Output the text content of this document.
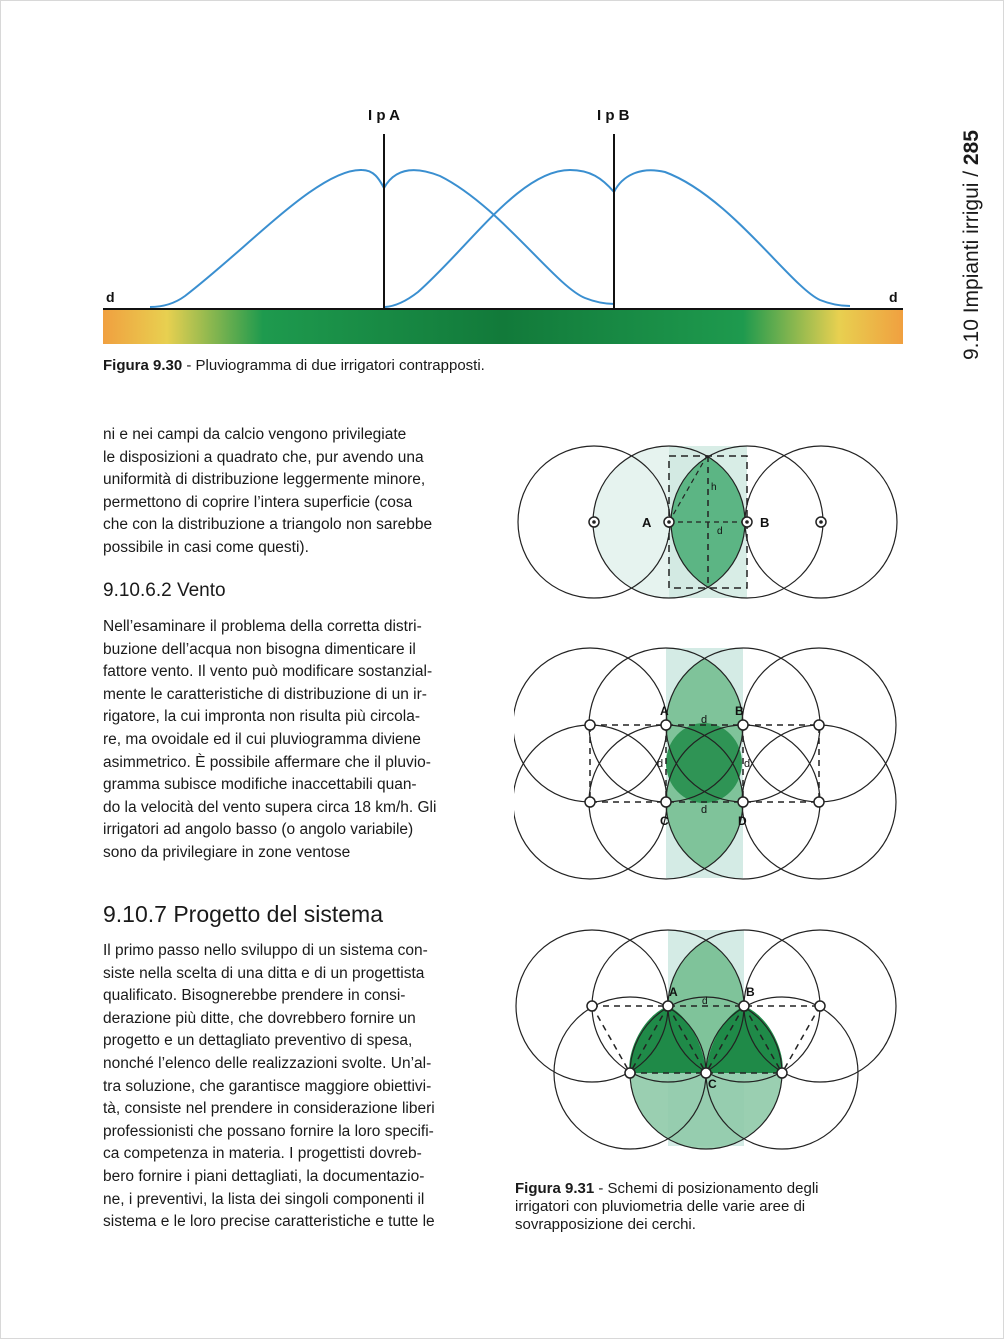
9.10 Impianti irrigui / 285
I p A	I p B
d	d
Figura 9.30 - Pluviogramma di due irrigatori contrapposti.
ni e nei campi da calcio vengono privilegiate
le disposizioni a quadrato che, pur avendo una
uniformità di distribuzione leggermente minore,
permettono di coprire l’intera superficie (cosa
che con la distribuzione a triangolo non sarebbe
possibile in casi come questi).
9.10.6.2 Vento
Nell’esaminare il problema della corretta distri-
buzione dell’acqua non bisogna dimenticare il
fattore vento. Il vento può modificare sostanzial-
mente le caratteristiche di distribuzione di un ir-
rigatore, la cui impronta non risulta più circola-
re, ma ovoidale ed il cui pluviogramma diviene
asimmetrico. È possibile affermare che il pluvio-
gramma subisce modifiche inaccettabili quan-
do la velocità del vento supera circa 18 km/h. Gli
irrigatori ad angolo basso (o angolo variabile)
sono da privilegiare in zone ventose
9.10.7 Progetto del sistema
Il primo passo nello sviluppo di un sistema con-
siste nella scelta di una ditta e di un progettista
qualificato. Bisognerebbe prendere in consi-
derazione più ditte, che dovrebbero fornire un
progetto e un dettagliato preventivo di spesa,
nonché l’elenco delle realizzazioni svolte. Un’al-
tra soluzione, che garantisce maggiore obiettivi-
tà, consiste nel prendere in considerazione liberi
professionisti che possano fornire la loro specifi-
ca competenza in materia. I progettisti dovreb-
bero fornire i piani dettagliati, la documentazio-
ne, i preventivi, la lista dei singoli componenti il
sistema e le loro precise caratteristiche e tutte le
A	B
h
d
A	B
C	D
d
d
d	d
A	B
C
d
Figura 9.31 - Schemi di posizionamento degli
irrigatori con pluviometria delle varie aree di
sovrapposizione dei cerchi.
